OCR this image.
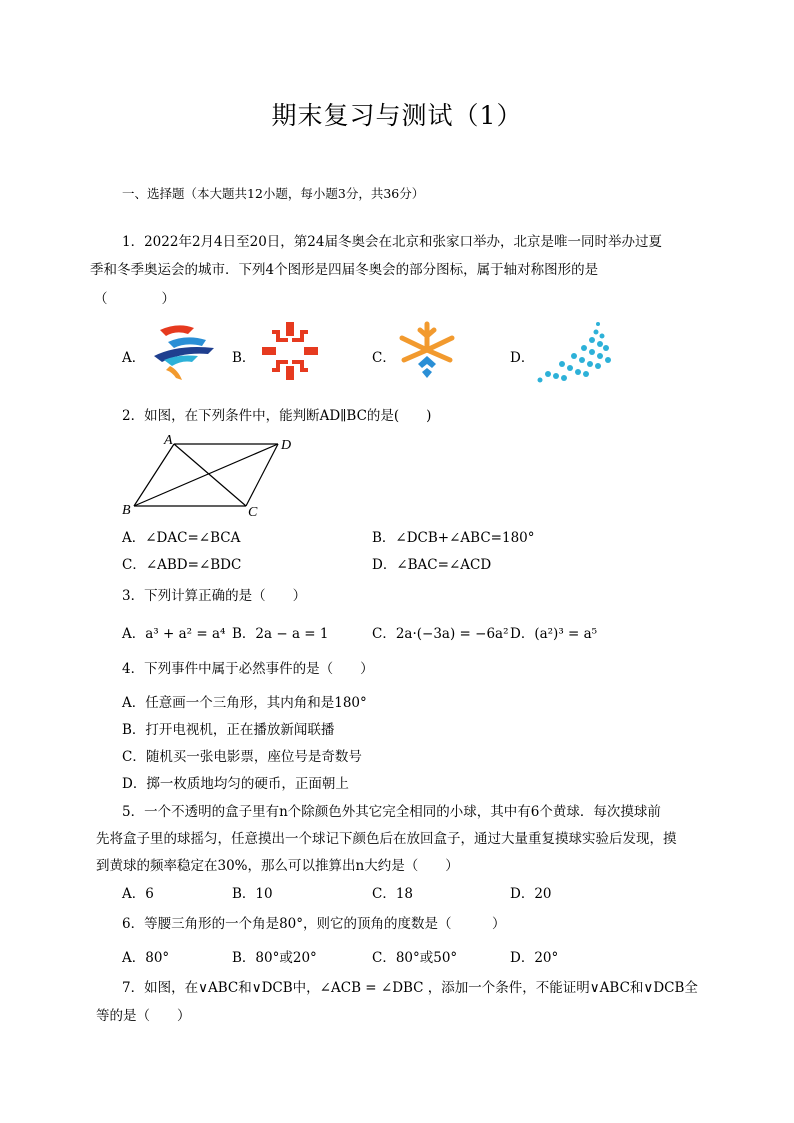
期末复习与测试（1）
一、选择题（本大题共12小题，每小题3分，共36分）
1．2022年2月4日至20日，第24届冬奥会在北京和张家口举办，北京是唯一同时举办过夏
季和冬季奥运会的城市．下列4个图形是四届冬奥会的部分图标，属于轴对称图形的是
（　　　　）
A．	B．	C．	D．
2．如图，在下列条件中，能判断AD∥BC的是(　　)
A	D
B	C
A．∠DAC=∠BCA	B．∠DCB+∠ABC=180°
C．∠ABD=∠BDC	D．∠BAC=∠ACD
3．下列计算正确的是（　　）
A．a³ + a² = a⁴ B．2a − a = 1	C．2a·(−3a) = −6a² D．(a²)³ = a⁵
4．下列事件中属于必然事件的是（　　）
A．任意画一个三角形，其内角和是180°
B．打开电视机，正在播放新闻联播
C．随机买一张电影票，座位号是奇数号
D．掷一枚质地均匀的硬币，正面朝上
5．一个不透明的盒子里有n个除颜色外其它完全相同的小球，其中有6个黄球．每次摸球前
先将盒子里的球摇匀，任意摸出一个球记下颜色后在放回盒子，通过大量重复摸球实验后发现，摸
到黄球的频率稳定在30%，那么可以推算出n大约是（　　）
A．6	B．10	C．18	D．20
6．等腰三角形的一个角是80°，则它的顶角的度数是（　　　）
A．80°	B．80°或20°	C．80°或50°	D．20°
7．如图，在∨ABC和∨DCB中，∠ACB = ∠DBC ，添加一个条件，不能证明∨ABC和∨DCB全
等的是（　　）
